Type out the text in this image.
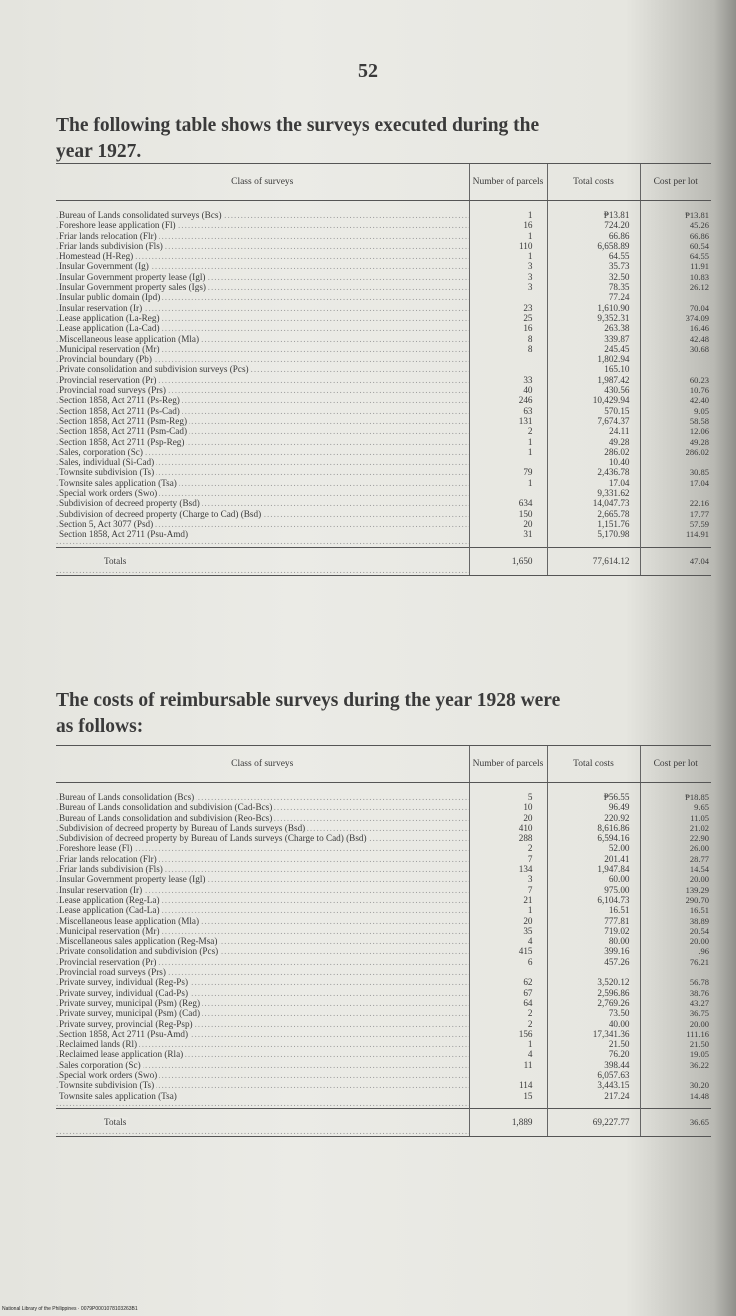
52
The following table shows the surveys executed during the
year 1927.
Class of surveys	Number of parcels	Total costs	Cost per lot
Bureau of Lands consolidated surveys (Bcs) .....	1	₱13.81	₱13.81
Foreshore lease application (Fl) .....	16	724.20	45.26
Friar lands relocation (Flr) .....	1	66.86	66.86
Friar lands subdivision (Fls) .....	110	6,658.89	60.54
Homestead (H-Reg) .....	1	64.55	64.55
Insular Government (Ig) .....	3	35.73	11.91
Insular Government property lease (Igl) .....	3	32.50	10.83
Insular Government property sales (Igs) .....	3	78.35	26.12
Insular public domain (Ipd) .....		77.24	
Insular reservation (Ir) .....	23	1,610.90	70.04
Lease application (La-Reg) .....	25	9,352.31	374.09
Lease application (La-Cad) .....	16	263.38	16.46
Miscellaneous lease application (Mla) .....	8	339.87	42.48
Municipal reservation (Mr) .....	8	245.45	30.68
Provincial boundary (Pb) .....		1,802.94	
Private consolidation and subdivision surveys (Pcs) .....		165.10	
Provincial reservation (Pr) .....	33	1,987.42	60.23
Provincial road surveys (Prs) .....	40	430.56	10.76
Section 1858, Act 2711 (Ps-Reg) .....	246	10,429.94	42.40
Section 1858, Act 2711 (Ps-Cad) .....	63	570.15	9.05
Section 1858, Act 2711 (Psm-Reg) .....	131	7,674.37	58.58
Section 1858, Act 2711 (Psm-Cad) .....	2	24.11	12.06
Section 1858, Act 2711 (Psp-Reg) .....	1	49.28	49.28
Sales, corporation (Sc) .....	1	286.02	286.02
Sales, individual (Si-Cad) .....		10.40	
Townsite subdivision (Ts) .....	79	2,436.78	30.85
Townsite sales application (Tsa) .....	1	17.04	17.04
Special work orders (Swo) .....		9,331.62	
Subdivision of decreed property (Bsd) .....	634	14,047.73	22.16
Subdivision of decreed property (Charge to Cad) (Bsd) .....	150	2,665.78	17.77
Section 5, Act 3077 (Psd) .....	20	1,151.76	57.59
Section 1858, Act 2711 (Psu-Amd) .....	31	5,170.98	114.91
Totals .....	1,650	77,614.12	47.04
The costs of reimbursable surveys during the year 1928 were
as follows:
Class of surveys	Number of parcels	Total costs	Cost per lot
Bureau of Lands consolidation (Bcs) .....	5	₱56.55	₱18.85
Bureau of Lands consolidation and subdivision (Cad-Bcs) .....	10	96.49	9.65
Bureau of Lands consolidation and subdivision (Reo-Bcs) .....	20	220.92	11.05
Subdivision of decreed property by Bureau of Lands surveys (Bsd) .....	410	8,616.86	21.02
Subdivision of decreed property by Bureau of Lands surveys (Charge to Cad) (Bsd) .....	288	6,594.16	22.90
Foreshore lease (Fl) .....	2	52.00	26.00
Friar lands relocation (Flr) .....	7	201.41	28.77
Friar lands subdivision (Fls) .....	134	1,947.84	14.54
Insular Government property lease (Igl) .....	3	60.00	20.00
Insular reservation (Ir) .....	7	975.00	139.29
Lease application (Reg-La) .....	21	6,104.73	290.70
Lease application (Cad-La) .....	1	16.51	16.51
Miscellaneous lease application (Mla) .....	20	777.81	38.89
Municipal reservation (Mr) .....	35	719.02	20.54
Miscellaneous sales application (Reg-Msa) .....	4	80.00	20.00
Private consolidation and subdivision (Pcs) .....	415	399.16	.96
Provincial reservation (Pr) .....	6	457.26	76.21
Provincial road surveys (Prs) .....			
Private survey, individual (Reg-Ps) .....	62	3,520.12	56.78
Private survey, individual (Cad-Ps) .....	67	2,596.86	38.76
Private survey, municipal (Psm) (Reg) .....	64	2,769.26	43.27
Private survey, municipal (Psm) (Cad) .....	2	73.50	36.75
Private survey, provincial (Reg-Psp) .....	2	40.00	20.00
Section 1858, Act 2711 (Psu-Amd) .....	156	17,341.36	111.16
Reclaimed lands (Rl) .....	1	21.50	21.50
Reclaimed lease application (Rla) .....	4	76.20	19.05
Sales corporation (Sc) .....	11	398.44	36.22
Special work orders (Swo) .....		6,057.63	
Townsite subdivision (Ts) .....	114	3,443.15	30.20
Townsite sales application (Tsa) .....	15	217.24	14.48
Totals .....	1,889	69,227.77	36.65
National Library of the Philippines · 0079P0001078103263B1
